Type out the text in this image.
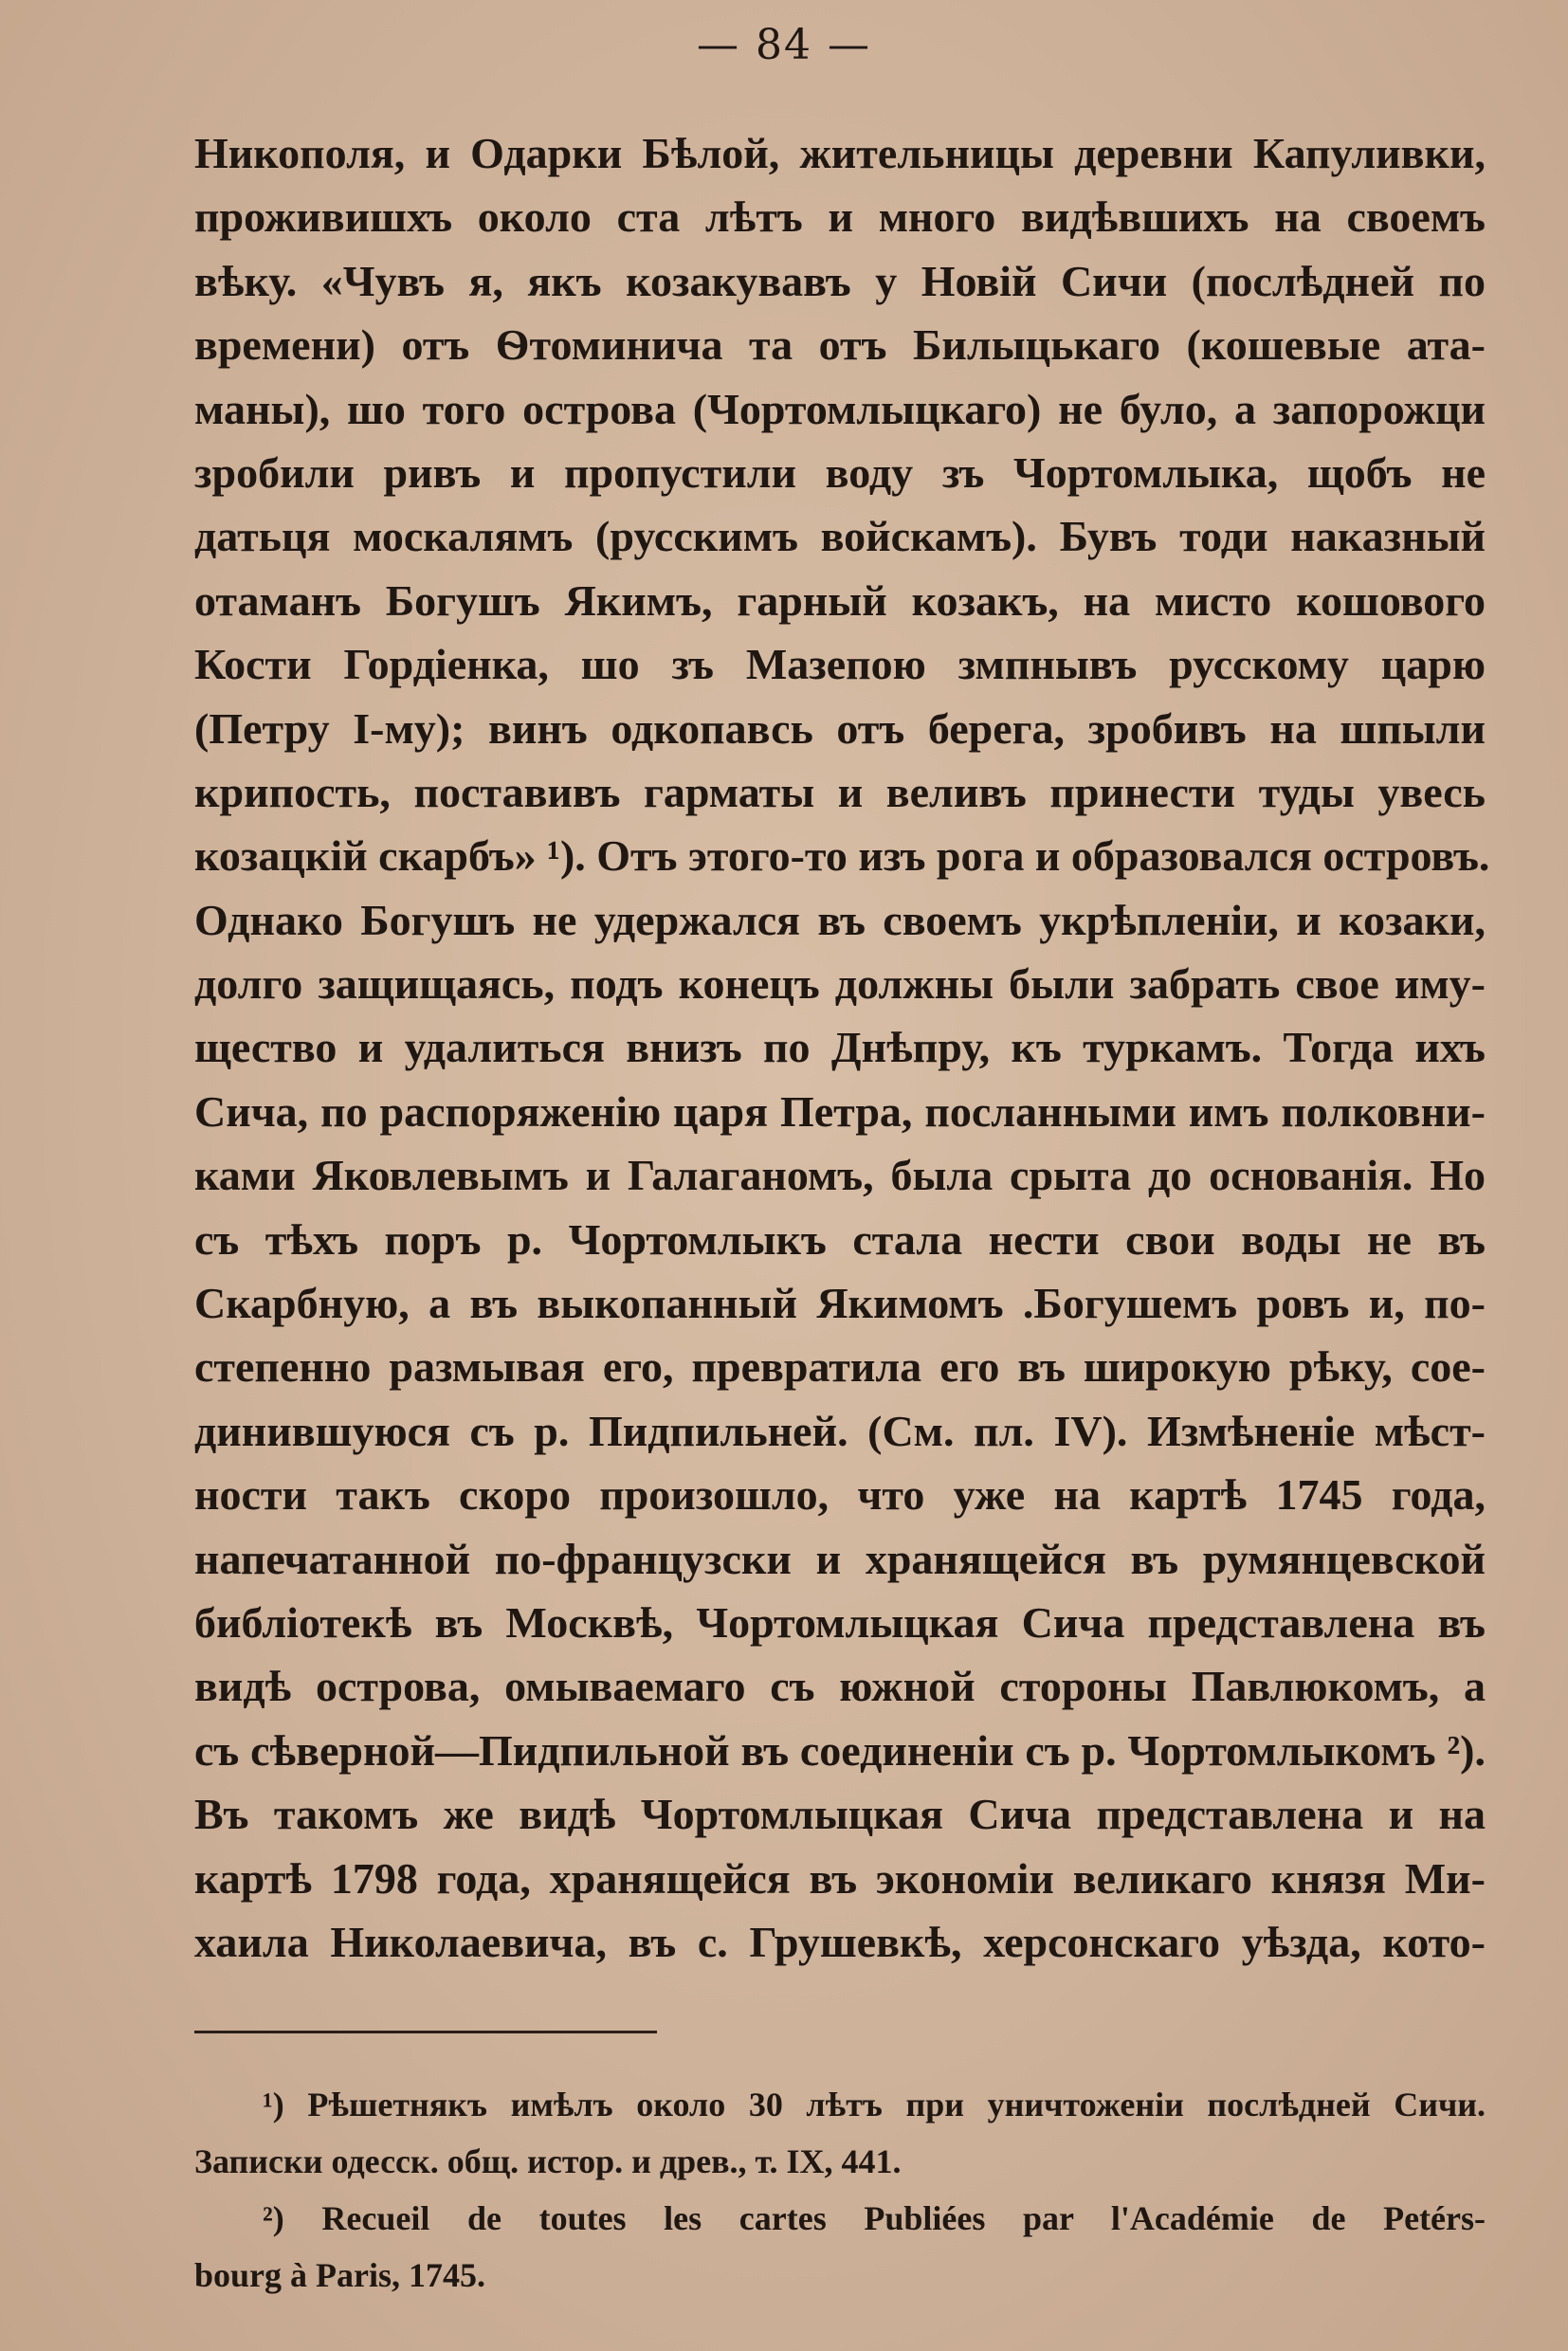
— 84 —
Никополя, и Одарки Бѣлой, жительницы деревни Капуливки,
проживишхъ около ста лѣтъ и много видѣвшихъ на своемъ
вѣку. «Чувъ я, якъ козакувавъ у Новій Сичи (послѣдней по
времени) отъ Ѳтоминича та отъ Билыцькаго (кошевые ата-
маны), шо того острова (Чортомлыцкаго) не було, а запорожци
зробили ривъ и пропустили воду зъ Чортомлыка, щобъ не
датьця москалямъ (русскимъ войскамъ). Бувъ тоди наказный
отаманъ Богушъ Якимъ, гарный козакъ, на мисто кошового
Кости Гордіенка, шо зъ Мазепою змпнывъ русскому царю
(Петру І-му); винъ одкопавсь отъ берега, зробивъ на шпыли
крипость, поставивъ гарматы и веливъ принести туды увесь
козацкій скарбъ» ¹). Отъ этого-то изъ рога и образовался островъ.
Однако Богушъ не удержался въ своемъ укрѣпленіи, и козаки,
долго защищаясь, подъ конецъ должны были забрать свое иму-
щество и удалиться внизъ по Днѣпру, къ туркамъ. Тогда ихъ
Сича, по распоряженію царя Петра, посланными имъ полковни-
ками Яковлевымъ и Галаганомъ, была срыта до основанія. Но
съ тѣхъ поръ р. Чортомлыкъ стала нести свои воды не въ
Скарбную, а въ выкопанный Якимомъ .Богушемъ ровъ и, по-
степенно размывая его, превратила его въ широкую рѣку, сое-
динившуюся съ р. Пидпильней. (См. пл. IV). Измѣненіе мѣст-
ности такъ скоро произошло, что уже на картѣ 1745 года,
напечатанной по-французски и хранящейся въ румянцевской
библіотекѣ въ Москвѣ, Чортомлыцкая Сича представлена въ
видѣ острова, омываемаго съ южной стороны Павлюкомъ, а
съ сѣверной—Пидпильной въ соединеніи съ р. Чортомлыкомъ ²).
Въ такомъ же видѣ Чортомлыцкая Сича представлена и на
картѣ 1798 года, хранящейся въ экономіи великаго князя Ми-
хаила Николаевича, въ с. Грушевкѣ, херсонскаго уѣзда, кото-
¹) Рѣшетнякъ имѣлъ около 30 лѣтъ при уничтоженіи послѣдней Сичи.
Записки одесск. общ. истор. и древ., т. IX, 441.
²) Recueil de toutes les cartes Publiées par l'Académie de Petérs-
bourg à Paris, 1745.
